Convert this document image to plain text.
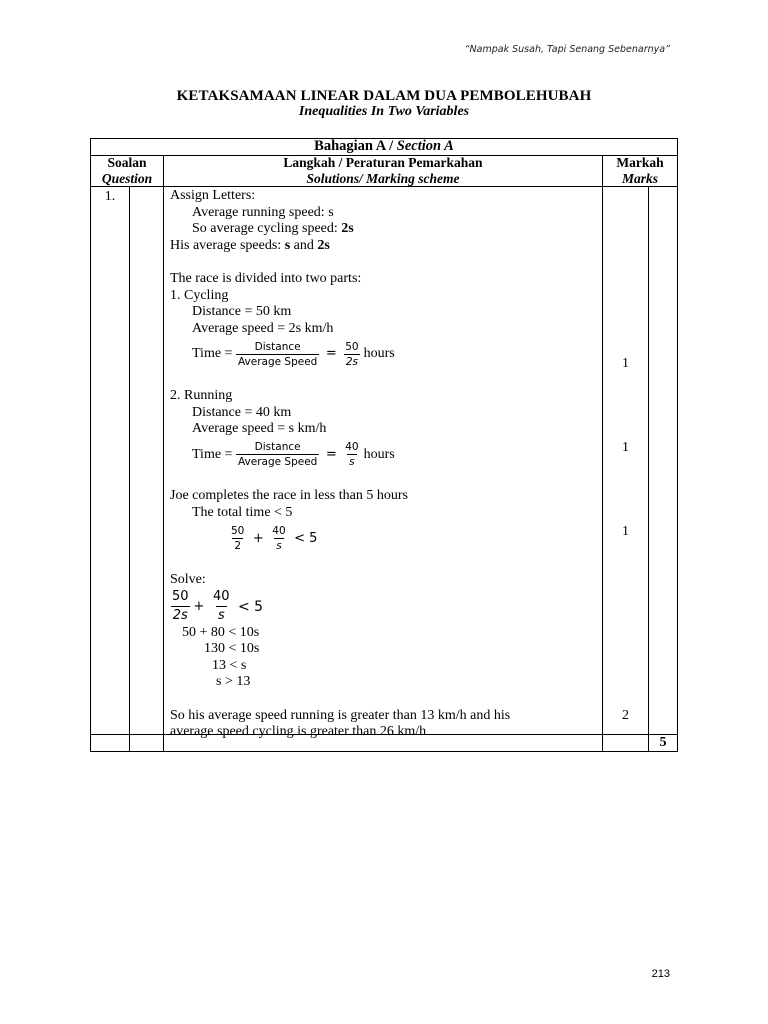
“Nampak Susah, Tapi Senang Sebenarnya”
KETAKSAMAAN LINEAR DALAM DUA PEMBOLEHUBAH
Inequalities In Two Variables
Bahagian A / Section A
Soalan
Question
Langkah / Peraturan Pemarkahan
Solutions/ Marking scheme
Markah
Marks
1.
5

Assign Letters:

Average running speed: s

So average cycling speed: 2s

His average speeds: s and 2s

The race is divided into two parts:

1. Cycling

Distance = 50 km

Average speed = 2s km/h

Time = $\frac{\text{Distance}}{\text{Average Speed}} = \frac{50}{2s}$ hours

2. Running

Distance = 40 km

Average speed = s km/h

Time = $\frac{\text{Distance}}{\text{Average Speed}} = \frac{40}{s}$ hours

Joe completes the race in less than 5 hours

The total time < 5

$\frac{50}{2} + \frac{40}{s} < 5$

Solve:

$\frac{50}{2s} + \frac{40}{s} < 5$

50 + 80 < 10s

130 < 10s

13 < s

s > 13

So his average speed running is greater than 13 km/h and his

average speed cycling is greater than 26 km/h

1
1
1
2
213
